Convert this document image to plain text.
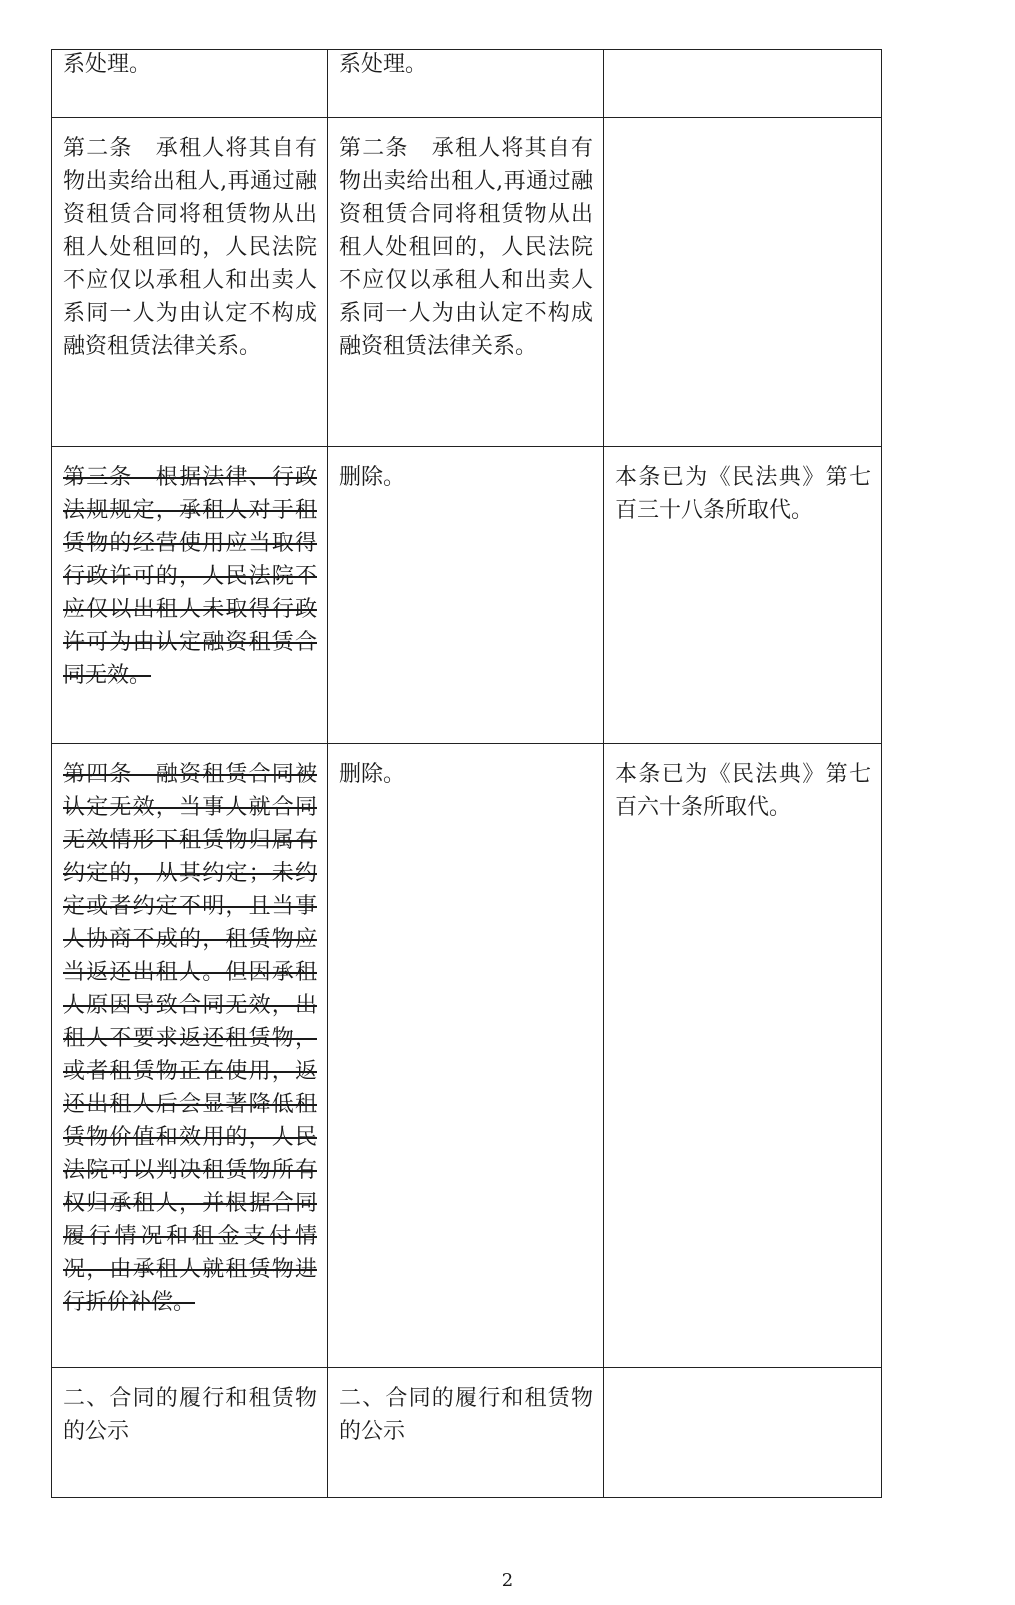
系处理。	系处理。	
第二条　承租人将其自有物出卖给出租人,再通过融资租赁合同将租赁物从出租人处租回的，人民法院不应仅以承租人和出卖人系同一人为由认定不构成融资租赁法律关系。	第二条　承租人将其自有物出卖给出租人,再通过融资租赁合同将租赁物从出租人处租回的，人民法院不应仅以承租人和出卖人系同一人为由认定不构成融资租赁法律关系。	
第三条　根据法律、行政法规规定，承租人对于租赁物的经营使用应当取得行政许可的，人民法院不应仅以出租人未取得行政许可为由认定融资租赁合同无效。	删除。	本条已为《民法典》第七百三十八条所取代。
第四条　融资租赁合同被认定无效，当事人就合同无效情形下租赁物归属有约定的，从其约定；未约定或者约定不明，且当事人协商不成的，租赁物应当返还出租人。但因承租人原因导致合同无效，出租人不要求返还租赁物，或者租赁物正在使用，返还出租人后会显著降低租赁物价值和效用的，人民法院可以判决租赁物所有权归承租人，并根据合同履行情况和租金支付情况，由承租人就租赁物进行折价补偿。	删除。	本条已为《民法典》第七百六十条所取代。
二、合同的履行和租赁物的公示	二、合同的履行和租赁物的公示	
2
